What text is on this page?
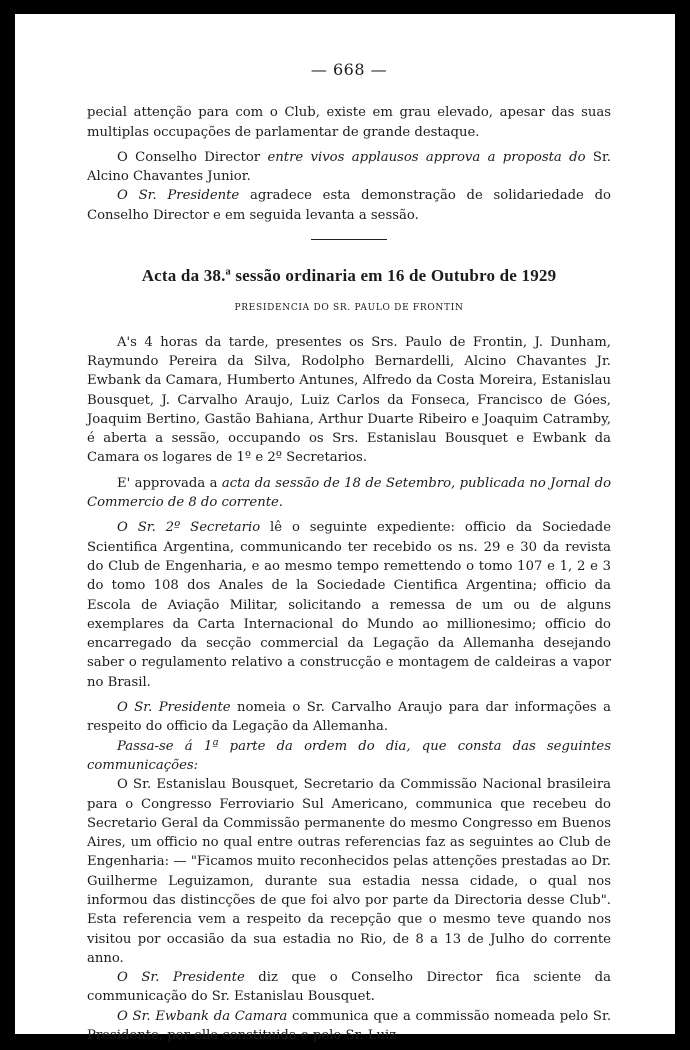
— 668 —

pecial attenção para com o Club, existe em grau elevado, apesar das suas multiplas occupações de parlamentar de grande destaque.

O Conselho Director entre vivos applausos approva a proposta do Sr. Alcino Chavantes Junior.

O Sr. Presidente agradece esta demonstração de solidariedade do Conselho Director e em seguida levanta a sessão.

Acta da 38.ª sessão ordinaria em 16 de Outubro de 1929
PRESIDENCIA DO SR. PAULO DE FRONTIN

A's 4 horas da tarde, presentes os Srs. Paulo de Frontin, J. Dunham, Raymundo Pereira da Silva, Rodolpho Bernardelli, Alcino Chavantes Jr. Ewbank da Camara, Humberto Antunes, Alfredo da Costa Moreira, Estanislau Bousquet, J. Carvalho Araujo, Luiz Carlos da Fonseca, Francisco de Góes, Joaquim Bertino, Gastão Bahiana, Arthur Duarte Ribeiro e Joaquim Catramby, é aberta a sessão, occupando os Srs. Estanislau Bousquet e Ewbank da Camara os logares de 1º e 2º Secretarios.

E' approvada a acta da sessão de 18 de Setembro, publicada no Jornal do Commercio de 8 do corrente.

O Sr. 2º Secretario lê o seguinte expediente: officio da Sociedade Scientifica Argentina, communicando ter recebido os ns. 29 e 30 da revista do Club de Engenharia, e ao mesmo tempo remettendo o tomo 107 e 1, 2 e 3 do tomo 108 dos Anales de la Sociedade Cientifica Argentina; officio da Escola de Aviação Militar, solicitando a remessa de um ou de alguns exemplares da Carta Internacional do Mundo ao millionesimo; officio do encarregado da secção commercial da Legação da Allemanha desejando saber o regulamento relativo a construcção e montagem de caldeiras a vapor no Brasil.

O Sr. Presidente nomeia o Sr. Carvalho Araujo para dar informações a respeito do officio da Legação da Allemanha.

Passa-se á 1ª parte da ordem do dia, que consta das seguintes communicações:

O Sr. Estanislau Bousquet, Secretario da Commissão Nacional brasileira para o Congresso Ferroviario Sul Americano, communica que recebeu do Secretario Geral da Commissão permanente do mesmo Congresso em Buenos Aires, um officio no qual entre outras referencias faz as seguintes ao Club de Engenharia: — "Ficamos muito reconhecidos pelas attenções prestadas ao Dr. Guilherme Leguizamon, durante sua estadia nessa cidade, o qual nos informou das distincções de que foi alvo por parte da Directoria desse Club". Esta referencia vem a respeito da recepção que o mesmo teve quando nos visitou por occasião da sua estadia no Rio, de 8 a 13 de Julho do corrente anno.

O Sr. Presidente diz que o Conselho Director fica sciente da communicação do Sr. Estanislau Bousquet.

O Sr. Ewbank da Camara communica que a commissão nomeada pelo Sr. Presidente, por elle constituida e pelo Sr. Luiz
